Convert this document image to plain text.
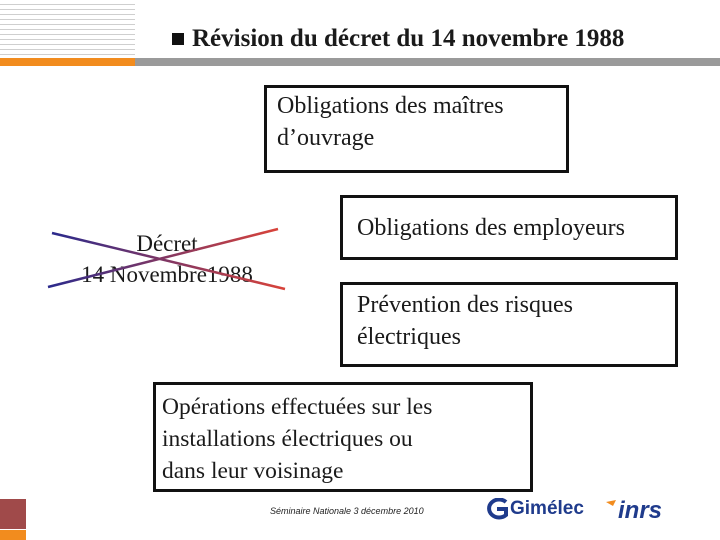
Révision du décret du 14 novembre 1988
Obligations des maîtres
d’ouvrage
Obligations des employeurs
Prévention des risques
électriques
Opérations effectuées sur les
installations électriques ou
dans leur voisinage
Décret
14 Novembre1988
Séminaire Nationale 3 décembre 2010	Gimélec inrs
